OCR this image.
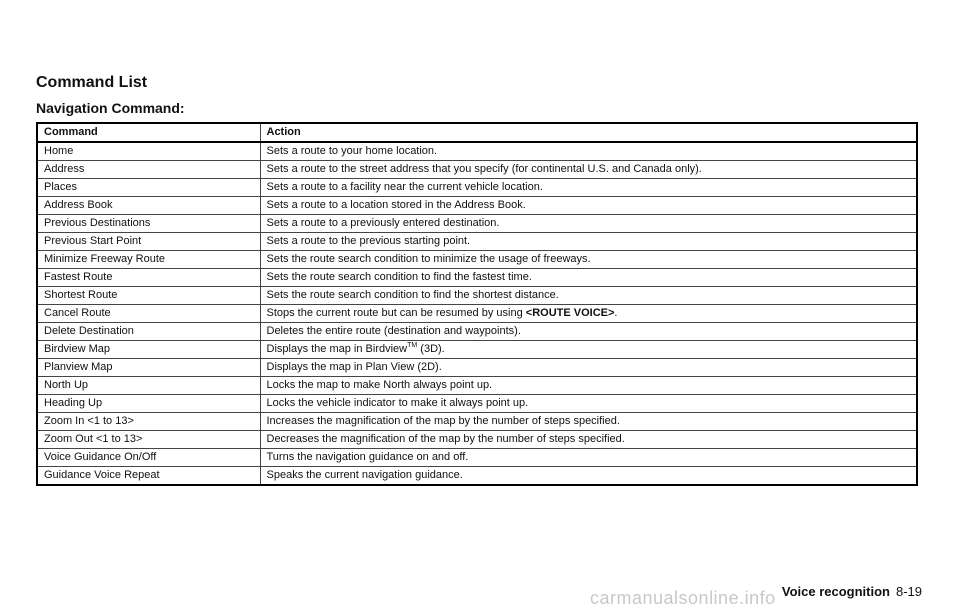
Command List
Navigation Command:
Command	Action
Home	Sets a route to your home location.
Address	Sets a route to the street address that you specify (for continental U.S. and Canada only).
Places	Sets a route to a facility near the current vehicle location.
Address Book	Sets a route to a location stored in the Address Book.
Previous Destinations	Sets a route to a previously entered destination.
Previous Start Point	Sets a route to the previous starting point.
Minimize Freeway Route	Sets the route search condition to minimize the usage of freeways.
Fastest Route	Sets the route search condition to find the fastest time.
Shortest Route	Sets the route search condition to find the shortest distance.
Cancel Route	Stops the current route but can be resumed by using <ROUTE VOICE>.
Delete Destination	Deletes the entire route (destination and waypoints).
Birdview Map	Displays the map in Birdview™ (3D).
Planview Map	Displays the map in Plan View (2D).
North Up	Locks the map to make North always point up.
Heading Up	Locks the vehicle indicator to make it always point up.
Zoom In <1 to 13>	Increases the magnification of the map by the number of steps specified.
Zoom Out <1 to 13>	Decreases the magnification of the map by the number of steps specified.
Voice Guidance On/Off	Turns the navigation guidance on and off.
Guidance Voice Repeat	Speaks the current navigation guidance.
Voice recognition 8-19
carmanualsonline.info
